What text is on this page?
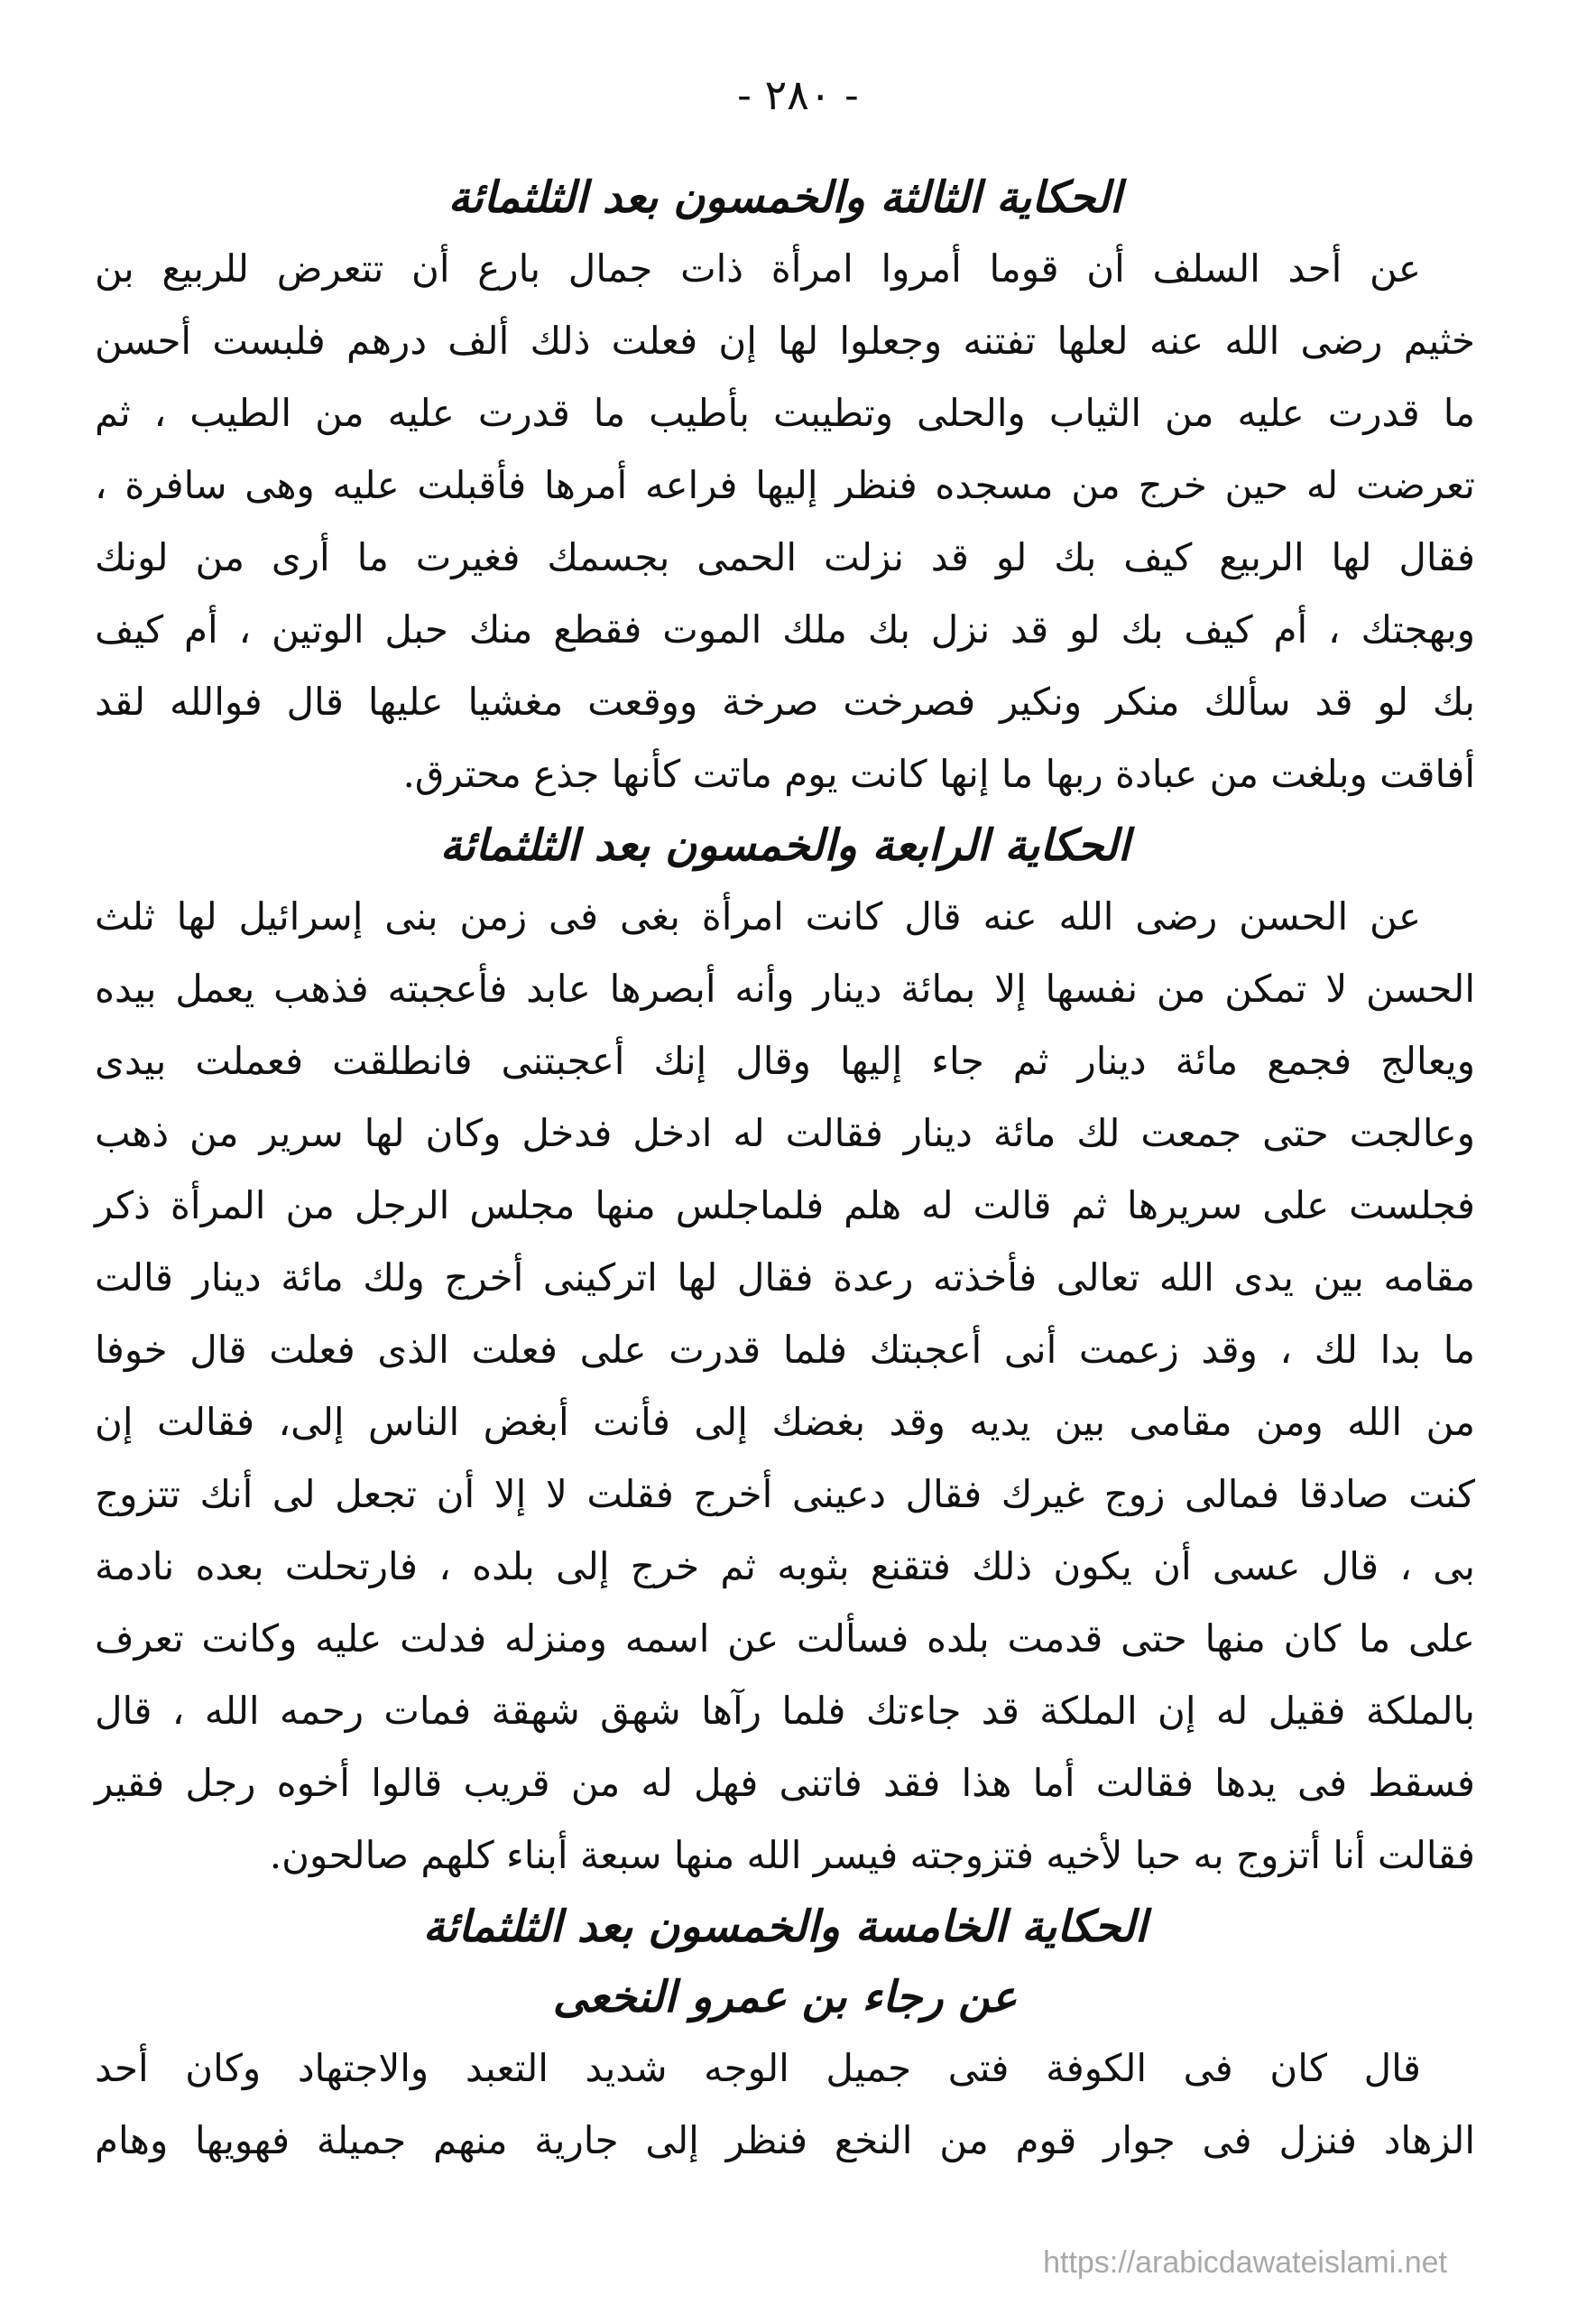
- ٢٨٠ -
الحكاية الثالثة والخمسون بعد الثلثمائة
عن أحد السلف أن قوما أمروا امرأة ذات جمال بارع أن تتعرض للربيع بن
خثيم رضى الله عنه لعلها تفتنه وجعلوا لها إن فعلت ذلك ألف درهم فلبست أحسن
ما قدرت عليه من الثياب والحلى وتطيبت بأطيب ما قدرت عليه من الطيب ، ثم
تعرضت له حين خرج من مسجده فنظر إليها فراعه أمرها فأقبلت عليه وهى سافرة ،
فقال لها الربيع كيف بك لو قد نزلت الحمى بجسمك فغيرت ما أرى من لونك
وبهجتك ، أم كيف بك لو قد نزل بك ملك الموت فقطع منك حبل الوتين ، أم كيف
بك لو قد سألك منكر ونكير فصرخت صرخة ووقعت مغشيا عليها قال فوالله لقد
أفاقت وبلغت من عبادة ربها ما إنها كانت يوم ماتت كأنها جذع محترق.
الحكاية الرابعة والخمسون بعد الثلثمائة
عن الحسن رضى الله عنه قال كانت امرأة بغى فى زمن بنى إسرائيل لها ثلث
الحسن لا تمكن من نفسها إلا بمائة دينار وأنه أبصرها عابد فأعجبته فذهب يعمل بيده
ويعالج فجمع مائة دينار ثم جاء إليها وقال إنك أعجبتنى فانطلقت فعملت بيدى
وعالجت حتى جمعت لك مائة دينار فقالت له ادخل فدخل وكان لها سرير من ذهب
فجلست على سريرها ثم قالت له هلم فلماجلس منها مجلس الرجل من المرأة ذكر
مقامه بين يدى الله تعالى فأخذته رعدة فقال لها اتركينى أخرج ولك مائة دينار قالت
ما بدا لك ، وقد زعمت أنى أعجبتك فلما قدرت على فعلت الذى فعلت قال خوفا
من الله ومن مقامى بين يديه وقد بغضك إلى فأنت أبغض الناس إلى، فقالت إن
كنت صادقا فمالى زوج غيرك فقال دعينى أخرج فقلت لا إلا أن تجعل لى أنك تتزوج
بى ، قال عسى أن يكون ذلك فتقنع بثوبه ثم خرج إلى بلده ، فارتحلت بعده نادمة
على ما كان منها حتى قدمت بلده فسألت عن اسمه ومنزله فدلت عليه وكانت تعرف
بالملكة فقيل له إن الملكة قد جاءتك فلما رآها شهق شهقة فمات رحمه الله ، قال
فسقط فى يدها فقالت أما هذا فقد فاتنى فهل له من قريب قالوا أخوه رجل فقير
فقالت أنا أتزوج به حبا لأخيه فتزوجته فيسر الله منها سبعة أبناء كلهم صالحون.
الحكاية الخامسة والخمسون بعد الثلثمائة
عن رجاء بن عمرو النخعى
قال كان فى الكوفة فتى جميل الوجه شديد التعبد والاجتهاد وكان أحد
الزهاد فنزل فى جوار قوم من النخع فنظر إلى جارية منهم جميلة فهويها وهام
https://arabicdawateislami.net
